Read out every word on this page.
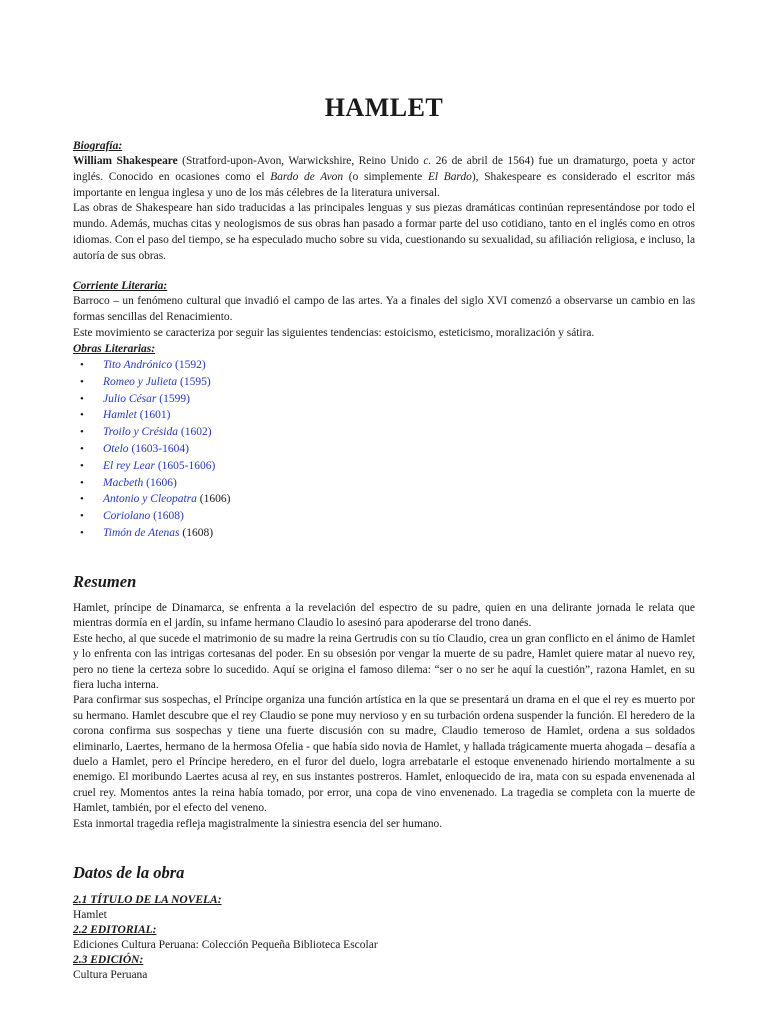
HAMLET
Biografía:

William Shakespeare (Stratford-upon-Avon, Warwickshire, Reino Unido c. 26 de abril de 1564) fue un dramaturgo, poeta y actor inglés. Conocido en ocasiones como el Bardo de Avon (o simplemente El Bardo), Shakespeare es considerado el escritor más importante en lengua inglesa y uno de los más célebres de la literatura universal.

Las obras de Shakespeare han sido traducidas a las principales lenguas y sus piezas dramáticas continúan representándose por todo el mundo. Además, muchas citas y neologismos de sus obras han pasado a formar parte del uso cotidiano, tanto en el inglés como en otros idiomas. Con el paso del tiempo, se ha especulado mucho sobre su vida, cuestionando su sexualidad, su afiliación religiosa, e incluso, la autoría de sus obras.

Corriente Literaria:

Barroco – un fenómeno cultural que invadió el campo de las artes. Ya a finales del siglo XVI comenzó a observarse un cambio en las formas sencillas del Renacimiento.

Este movimiento se caracteriza por seguir las siguientes tendencias: estoicismo, esteticismo, moralización y sátira.

Obras Literarias:
• Tito Andrónico (1592)
• Romeo y Julieta (1595)
• Julio César (1599)
• Hamlet (1601)
• Troilo y Crésida (1602)
• Otelo (1603-1604)
• El rey Lear (1605-1606)
• Macbeth (1606)
• Antonio y Cleopatra (1606)
• Coriolano (1608)
• Timón de Atenas (1608)
Resumen

Hamlet, príncipe de Dinamarca, se enfrenta a la revelación del espectro de su padre, quien en una delirante jornada le relata que mientras dormía en el jardín, su infame hermano Claudio lo asesinó para apoderarse del trono danés.

Este hecho, al que sucede el matrimonio de su madre la reina Gertrudis con su tío Claudio, crea un gran conflicto en el ánimo de Hamlet y lo enfrenta con las intrigas cortesanas del poder. En su obsesión por vengar la muerte de su padre, Hamlet quiere matar al nuevo rey, pero no tiene la certeza sobre lo sucedido. Aquí se origina el famoso dilema: “ser o no ser he aquí la cuestión”, razona Hamlet, en su fiera lucha interna.

Para confirmar sus sospechas, el Príncipe organiza una función artística en la que se presentará un drama en el que el rey es muerto por su hermano. Hamlet descubre que el rey Claudio se pone muy nervioso y en su turbación ordena suspender la función. El heredero de la corona confirma sus sospechas y tiene una fuerte discusión con su madre, Claudio temeroso de Hamlet, ordena a sus soldados eliminarlo, Laertes, hermano de la hermosa Ofelia - que había sido novia de Hamlet, y hallada trágicamente muerta ahogada – desafía a duelo a Hamlet, pero el Príncipe heredero, en el furor del duelo, logra arrebatarle el estoque envenenado hiriendo mortalmente a su enemigo. El moribundo Laertes acusa al rey, en sus instantes postreros. Hamlet, enloquecido de ira, mata con su espada envenenada al cruel rey. Momentos antes la reina había tomado, por error, una copa de vino envenenado. La tragedia se completa con la muerte de Hamlet, también, por el efecto del veneno.

Esta inmortal tragedia refleja magistralmente la siniestra esencia del ser humano.

Datos de la obra
2.1 TÍTULO DE LA NOVELA:
Hamlet
2.2 EDITORIAL:
Ediciones Cultura Peruana: Colección Pequeña Biblioteca Escolar
2.3 EDICIÓN:
Cultura Peruana
